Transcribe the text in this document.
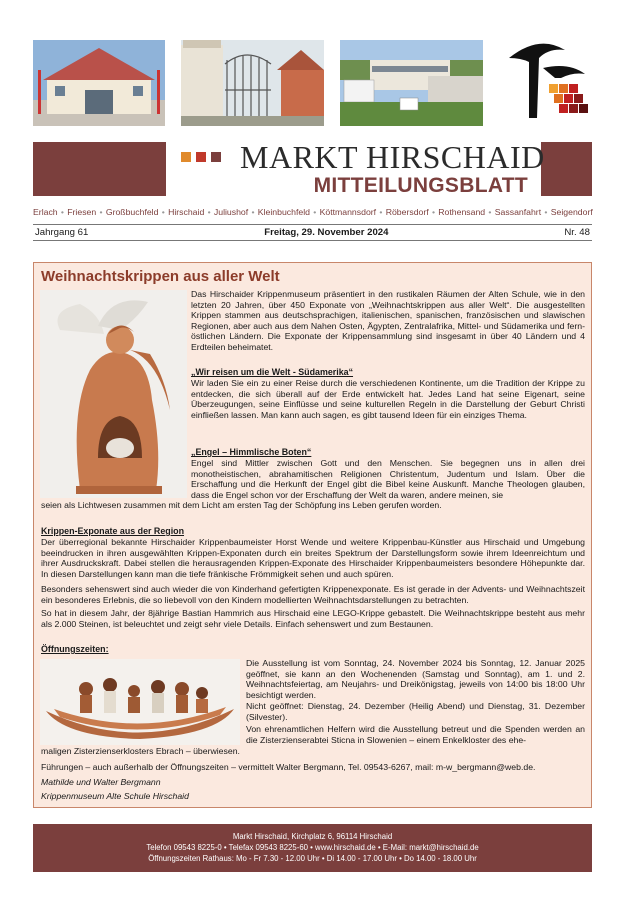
MARKT HIRSCHAID
MITTEILUNGSBLATT
Erlach • Friesen • Großbuchfeld • Hirschaid • Juliushof • Kleinbuchfeld • Köttmannsdorf • Röbersdorf • Rothensand • Sassanfahrt • Seigendorf
Jahrgang 61	Freitag, 29. November 2024	Nr. 48
Weihnachtskrippen aus aller Welt
Das Hirschaider Krippenmuseum präsentiert in den rustikalen Räumen der Alten Schule, wie in den letzten 20 Jahren, über 450 Exponate von „Weihnachtskrippen aus aller Welt“. Die ausgestellten Krippen stammen aus deutschsprachigen, italienischen, spanischen, französischen und slawischen Regionen, aber auch aus dem Nahen Osten, Ägypten, Zentralafrika, Mittel- und Südamerika und fern-östlichen Ländern. Die Exponate der Krippensammlung sind insgesamt in über 40 Ländern und 4 Erdteilen beheimatet.
„Wir reisen um die Welt - Südamerika“
Wir laden Sie ein zu einer Reise durch die verschiedenen Kontinente, um die Tradition der Krippe zu entdecken, die sich überall auf der Erde entwickelt hat. Jedes Land hat seine Eigenart, seine Überzeugungen, seine Einflüsse und seine kulturellen Regeln in die Darstellung der Geburt Christi einfließen lassen. Man kann auch sagen, es gibt tausend Ideen für ein einziges Thema.
„Engel – Himmlische Boten“
Engel sind Mittler zwischen Gott und den Menschen. Sie begegnen uns in allen drei monotheistischen, abrahamitischen Religionen Christentum, Judentum und Islam. Über die Erschaffung und die Herkunft der Engel gibt die Bibel keine Auskunft. Manche Theologen glauben, dass die Engel schon vor der Erschaffung der Welt da waren, andere meinen, sie
seien als Lichtwesen zusammen mit dem Licht am ersten Tag der Schöpfung ins Leben gerufen worden.
Krippen-Exponate aus der Region
Der überregional bekannte Hirschaider Krippenbaumeister Horst Wende und weitere Krippenbau-Künstler aus Hirschaid und Umgebung beeindrucken in ihren ausgewählten Krippen-Exponaten durch ein breites Spektrum der Darstellungsform sowie ihrem Ideenreichtum und ihrer Ausdruckskraft. Dabei stellen die herausragenden Krippen-Exponate des Hirschaider Krippenbaumeisters besondere Höhepunkte dar. In diesen Darstellungen kann man die tiefe fränkische Frömmigkeit sehen und auch spüren.
Besonders sehenswert sind auch wieder die von Kinderhand gefertigten Krippenexponate. Es ist gerade in der Advents- und Weihnachtszeit ein besonderes Erlebnis, die so liebevoll von den Kindern modellierten Weihnachtsdarstellungen zu betrachten.
So hat in diesem Jahr, der 8jährige Bastian Hammrich aus Hirschaid eine LEGO-Krippe gebastelt. Die Weihnachtskrippe besteht aus mehr als 2.000 Steinen, ist beleuchtet und zeigt sehr viele Details. Einfach sehenswert und zum Bestaunen.
Öffnungszeiten:
Die Ausstellung ist vom Sonntag, 24. November 2024 bis Sonntag, 12. Januar 2025 geöffnet, sie kann an den Wochenenden (Samstag und Sonntag), am 1. und 2. Weihnachtsfeiertag, am Neujahrs- und Dreikönigstag, jeweils von 14:00 bis 18:00 Uhr besichtigt werden.
Nicht geöffnet: Dienstag, 24. Dezember (Heilig Abend) und Dienstag, 31. Dezember (Silvester).
Von ehrenamtlichen Helfern wird die Ausstellung betreut und die Spenden werden an die Zisterzienserabtei Sticna in Slowenien – einem Enkelkloster des ehe-
maligen Zisterzienserklosters Ebrach – überwiesen.
Führungen – auch außerhalb der Öffnungszeiten – vermittelt Walter Bergmann, Tel. 09543-6267, mail: m-w_bergmann@web.de.
Mathilde und Walter Bergmann
Krippenmuseum Alte Schule Hirschaid
Markt Hirschaid, Kirchplatz 6, 96114 Hirschaid
Telefon 09543 8225-0 • Telefax 09543 8225-60 • www.hirschaid.de • E-Mail: markt@hirschaid.de
Öffnungszeiten Rathaus: Mo - Fr 7.30 - 12.00 Uhr • Di 14.00 - 17.00 Uhr • Do 14.00 - 18.00 Uhr
